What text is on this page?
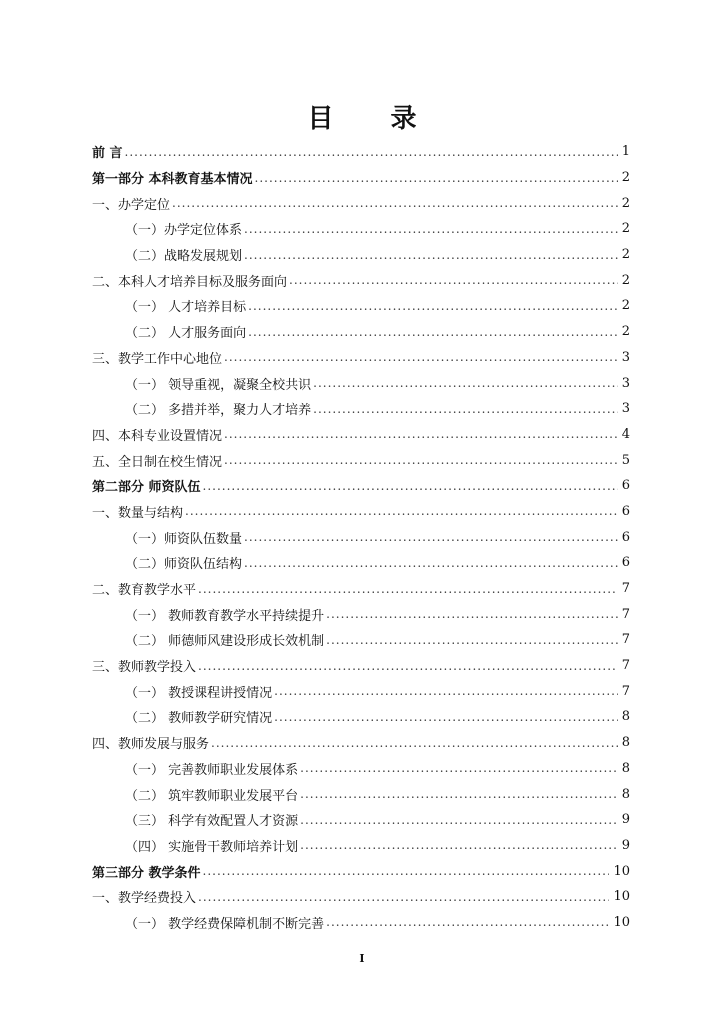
目 录
前 言 .....	1
第一部分 本科教育基本情况 .....	2
一、办学定位 .....	2
（一）办学定位体系 .....	2
（二）战略发展规划 .....	2
二、本科人才培养目标及服务面向 .....	2
（一） 人才培养目标 .....	2
（二） 人才服务面向 .....	2
三、教学工作中心地位 .....	3
（一） 领导重视，凝聚全校共识 .....	3
（二） 多措并举，聚力人才培养 .....	3
四、本科专业设置情况 .....	4
五、全日制在校生情况 .....	5
第二部分 师资队伍 .....	6
一、数量与结构 .....	6
（一）师资队伍数量 .....	6
（二）师资队伍结构 .....	6
二、教育教学水平 .....	7
（一） 教师教育教学水平持续提升 .....	7
（二） 师德师风建设形成长效机制 .....	7
三、教师教学投入 .....	7
（一） 教授课程讲授情况 .....	7
（二） 教师教学研究情况 .....	8
四、教师发展与服务 .....	8
（一） 完善教师职业发展体系 .....	8
（二） 筑牢教师职业发展平台 .....	8
（三） 科学有效配置人才资源 .....	9
（四） 实施骨干教师培养计划 .....	9
第三部分 教学条件 .....	10
一、教学经费投入 .....	10
（一） 教学经费保障机制不断完善 .....	10
I
